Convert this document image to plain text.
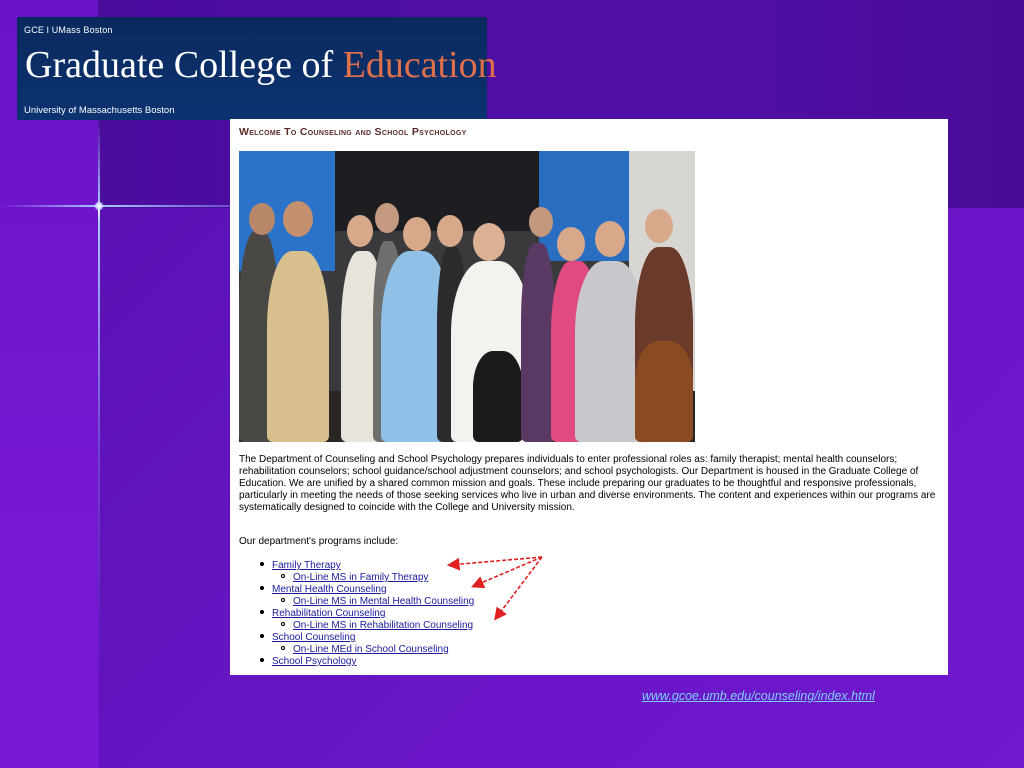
GCE l UMass Boston
Graduate College of Education
University of Massachusetts Boston
Welcome To Counseling and School Psychology
The Department of Counseling and School Psychology prepares individuals to enter professional roles as: family therapist; mental health counselors; rehabilitation counselors; school guidance/school adjustment counselors; and school psychologists. Our Department is housed in the Graduate College of Education. We are unified by a shared common mission and goals. These include preparing our graduates to be thoughtful and responsive professionals, particularly in meeting the needs of those seeking services who live in urban and diverse environments. The content and experiences within our programs are systematically designed to coincide with the College and University mission.
Our department's programs include:
Family Therapy
On-Line MS in Family Therapy
Mental Health Counseling
On-Line MS in Mental Health Counseling
Rehabilitation Counseling
On-Line MS in Rehabilitation Counseling
School Counseling
On-Line MEd in School Counseling
School Psychology
www.gcoe.umb.edu/counseling/index.html
